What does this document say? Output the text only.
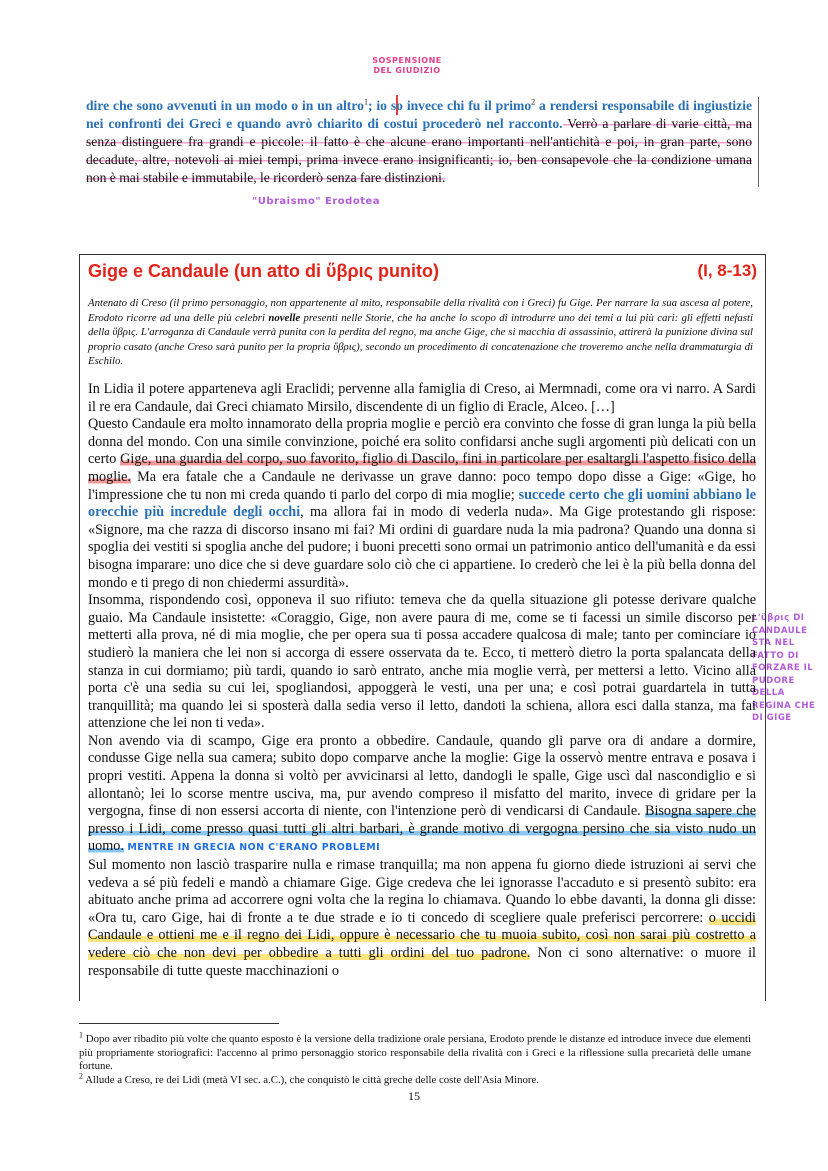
SOSPENSIONE DEL GIUDIZIO
"Ubraismo" Erodotea
L'ὕβρις DI CANDAULE STA NEL FATTO DI FORZARE IL PUDORE DELLA REGINA CHE DI GIGE
dire che sono avvenuti in un modo o in un altro$^1$; io so invece chi fu il primo$^2$ a rendersi responsabile di ingiustizie nei confronti dei Greci e quando avrò chiarito di costui procederò nel racconto. Verrò a parlare di varie città, ma senza distinguere fra grandi e piccole: il fatto è che alcune erano importanti nell'antichità e poi, in gran parte, sono decadute, altre, notevoli ai miei tempi, prima invece erano insignificanti; io, ben consapevole che la condizione umana non è mai stabile e immutabile, le ricorderò senza fare distinzioni.
Gige e Candaule (un atto di ὕβρις punito)	(I, 8-13)
Antenato di Creso (il primo personaggio, non appartenente al mito, responsabile della rivalità con i Greci) fu Gige. Per narrare la sua ascesa al potere, Erodoto ricorre ad una delle più celebri novelle presenti nelle Storie, che ha anche lo scopo di introdurre uno dei temi a lui più cari: gli effetti nefasti della ὕβρις. L'arroganza di Candaule verrà punita con la perdita del regno, ma anche Gige, che si macchia di assassinio, attirerà la punizione divina sul proprio casato (anche Creso sarà punito per la propria ὕβρις), secondo un procedimento di concatenazione che troveremo anche nella drammaturgia di Eschilo.

In Lidia il potere apparteneva agli Eraclidi; pervenne alla famiglia di Creso, ai Mermnadi, come ora vi narro. A Sardi il re era Candaule, dai Greci chiamato Mirsilo, discendente di un figlio di Eracle, Alceo. […]

Questo Candaule era molto innamorato della propria moglie e perciò era convinto che fosse di gran lunga la più bella donna del mondo. Con una simile convinzione, poiché era solito confidarsi anche sugli argomenti più delicati con un certo Gige, una guardia del corpo, suo favorito, figlio di Dascilo, fini in particolare per esaltargli l'aspetto fisico della moglie. Ma era fatale che a Candaule ne derivasse un grave danno: poco tempo dopo disse a Gige: «Gige, ho l'impressione che tu non mi creda quando ti parlo del corpo di mia moglie; succede certo che gli uomini abbiano le orecchie più incredule degli occhi, ma allora fai in modo di vederla nuda». Ma Gige protestando gli rispose: «Signore, ma che razza di discorso insano mi fai? Mi ordini di guardare nuda la mia padrona? Quando una donna si spoglia dei vestiti si spoglia anche del pudore; i buoni precetti sono ormai un patrimonio antico dell'umanità e da essi bisogna imparare: uno dice che si deve guardare solo ciò che ci appartiene. Io crederò che lei è la più bella donna del mondo e ti prego di non chiedermi assurdità».

Insomma, rispondendo così, opponeva il suo rifiuto: temeva che da quella situazione gli potesse derivare qualche guaio. Ma Candaule insistette: «Coraggio, Gige, non avere paura di me, come se ti facessi un simile discorso per metterti alla prova, né di mia moglie, che per opera sua ti possa accadere qualcosa di male; tanto per cominciare io studierò la maniera che lei non si accorga di essere osservata da te. Ecco, ti metterò dietro la porta spalancata della stanza in cui dormiamo; più tardi, quando io sarò entrato, anche mia moglie verrà, per mettersi a letto. Vicino alla porta c'è una sedia su cui lei, spogliandosi, appoggerà le vesti, una per una; e così potrai guardartela in tutta tranquillità; ma quando lei si sposterà dalla sedia verso il letto, dandoti la schiena, allora esci dalla stanza, ma fai attenzione che lei non ti veda».

Non avendo via di scampo, Gige era pronto a obbedire. Candaule, quando gli parve ora di andare a dormire, condusse Gige nella sua camera; subito dopo comparve anche la moglie: Gige la osservò mentre entrava e posava i propri vestiti. Appena la donna si voltò per avvicinarsi al letto, dandogli le spalle, Gige uscì dal nascondiglio e si allontanò; lei lo scorse mentre usciva, ma, pur avendo compreso il misfatto del marito, invece di gridare per la vergogna, finse di non essersi accorta di niente, con l'intenzione però di vendicarsi di Candaule. Bisogna sapere che presso i Lidi, come presso quasi tutti gli altri barbari, è grande motivo di vergogna persino che sia visto nudo un uomo. MENTRE IN GRECIA NON C'ERANO PROBLEMI

Sul momento non lasciò trasparire nulla e rimase tranquilla; ma non appena fu giorno diede istruzioni ai servi che vedeva a sé più fedeli e mandò a chiamare Gige. Gige credeva che lei ignorasse l'accaduto e si presentò subito: era abituato anche prima ad accorrere ogni volta che la regina lo chiamava. Quando lo ebbe davanti, la donna gli disse: «Ora tu, caro Gige, hai di fronte a te due strade e io ti concedo di scegliere quale preferisci percorrere: o uccidi Candaule e ottieni me e il regno dei Lidi, oppure è necessario che tu muoia subito, così non sarai più costretto a vedere ciò che non devi per obbedire a tutti gli ordini del tuo padrone. Non ci sono alternative: o muore il responsabile di tutte queste macchinazioni o

$^1$ Dopo aver ribadito più volte che quanto esposto è la versione della tradizione orale persiana, Erodoto prende le distanze ed introduce invece due elementi più propriamente storiografici: l'accenno al primo personaggio storico responsabile della rivalità con i Greci e la riflessione sulla precarietà delle umane fortune.

$^2$ Allude a Creso, re dei Lidi (metà VI sec. a.C.), che conquistò le città greche delle coste dell'Asia Minore.

15
